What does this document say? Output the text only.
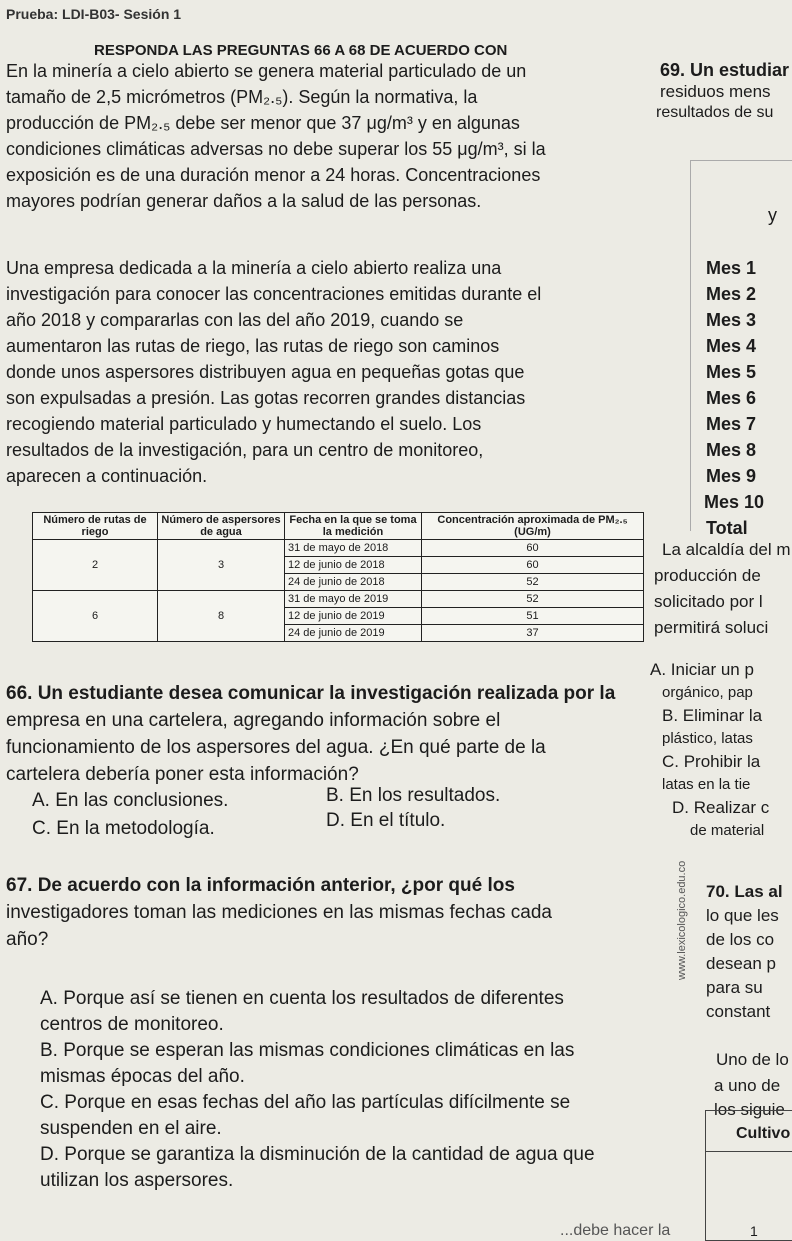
Prueba: LDI-B03- Sesión 1
RESPONDA LAS PREGUNTAS 66 A 68 DE ACUERDO CON
En la minería a cielo abierto se genera material particulado de un
tamaño de 2,5 micrómetros (PM₂.₅). Según la normativa, la
producción de PM₂.₅ debe ser menor que 37 μg/m³ y en algunas
condiciones climáticas adversas no debe superar los 55 μg/m³, si la
exposición es de una duración menor a 24 horas. Concentraciones
mayores podrían generar daños a la salud de las personas.
Una empresa dedicada a la minería a cielo abierto realiza una
investigación para conocer las concentraciones emitidas durante el
año 2018 y compararlas con las del año 2019, cuando se
aumentaron las rutas de riego, las rutas de riego son caminos
donde unos aspersores distribuyen agua en pequeñas gotas que
son expulsadas a presión. Las gotas recorren grandes distancias
recogiendo material particulado y humectando el suelo. Los
resultados de la investigación, para un centro de monitoreo,
aparecen a continuación.
Número de rutas de riego	Número de aspersores de agua	Fecha en la que se toma la medición	Concentración aproximada de PM₂.₅ (UG/m)
2	3	31 de mayo de 2018	60
		12 de junio de 2018	60
		24 de junio de 2018	52
6	8	31 de mayo de 2019	52
		12 de junio de 2019	51
		24 de junio de 2019	37
66. Un estudiante desea comunicar la investigación realizada por la
empresa en una cartelera, agregando información sobre el
funcionamiento de los aspersores del agua. ¿En qué parte de la
cartelera debería poner esta información?
A. En las conclusiones.	B. En los resultados.
C. En la metodología.	D. En el título.
67. De acuerdo con la información anterior, ¿por qué los
investigadores toman las mediciones en las mismas fechas cada
año?
A. Porque así se tienen en cuenta los resultados de diferentes
centros de monitoreo.
B. Porque se esperan las mismas condiciones climáticas en las
mismas épocas del año.
C. Porque en esas fechas del año las partículas difícilmente se
suspenden en el aire.
D. Porque se garantiza la disminución de la cantidad de agua que
utilizan los aspersores.
...debe hacer la
www.lexicologico.edu.co
69. Un estudiar
residuos mens
resultados de su
y
Mes 1
Mes 2
Mes 3
Mes 4
Mes 5
Mes 6
Mes 7
Mes 8
Mes 9
Mes 10
Total
La alcaldía del m
producción de
solicitado por l
permitirá soluci
A. Iniciar un p
orgánico, pap
B. Eliminar la
plástico, latas
C. Prohibir la
latas en la tie
D. Realizar c
de material
70. Las al
lo que les
de los co
desean p
para su
constant
Uno de lo
a uno de
los siguie
Cultivo
1
